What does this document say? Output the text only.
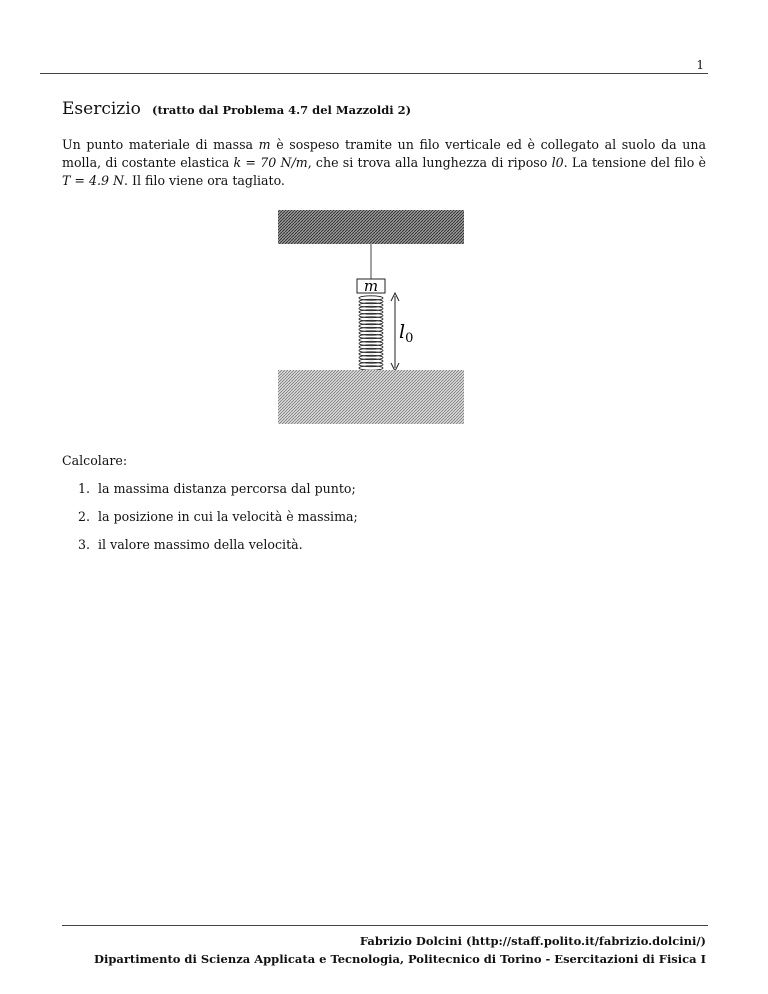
1
Esercizio (tratto dal Problema 4.7 del Mazzoldi 2)
Un punto materiale di massa m è sospeso tramite un filo verticale ed è collegato al suolo da una molla, di costante elastica k = 70 N/m, che si trova alla lunghezza di riposo l0. La tensione del filo è T = 4.9 N. Il filo viene ora tagliato.
m
$l_0$
Calcolare:
1. la massima distanza percorsa dal punto;
2. la posizione in cui la velocità è massima;
3. il valore massimo della velocità.
Fabrizio Dolcini (http://staff.polito.it/fabrizio.dolcini/)
Dipartimento di Scienza Applicata e Tecnologia, Politecnico di Torino - Esercitazioni di Fisica I
